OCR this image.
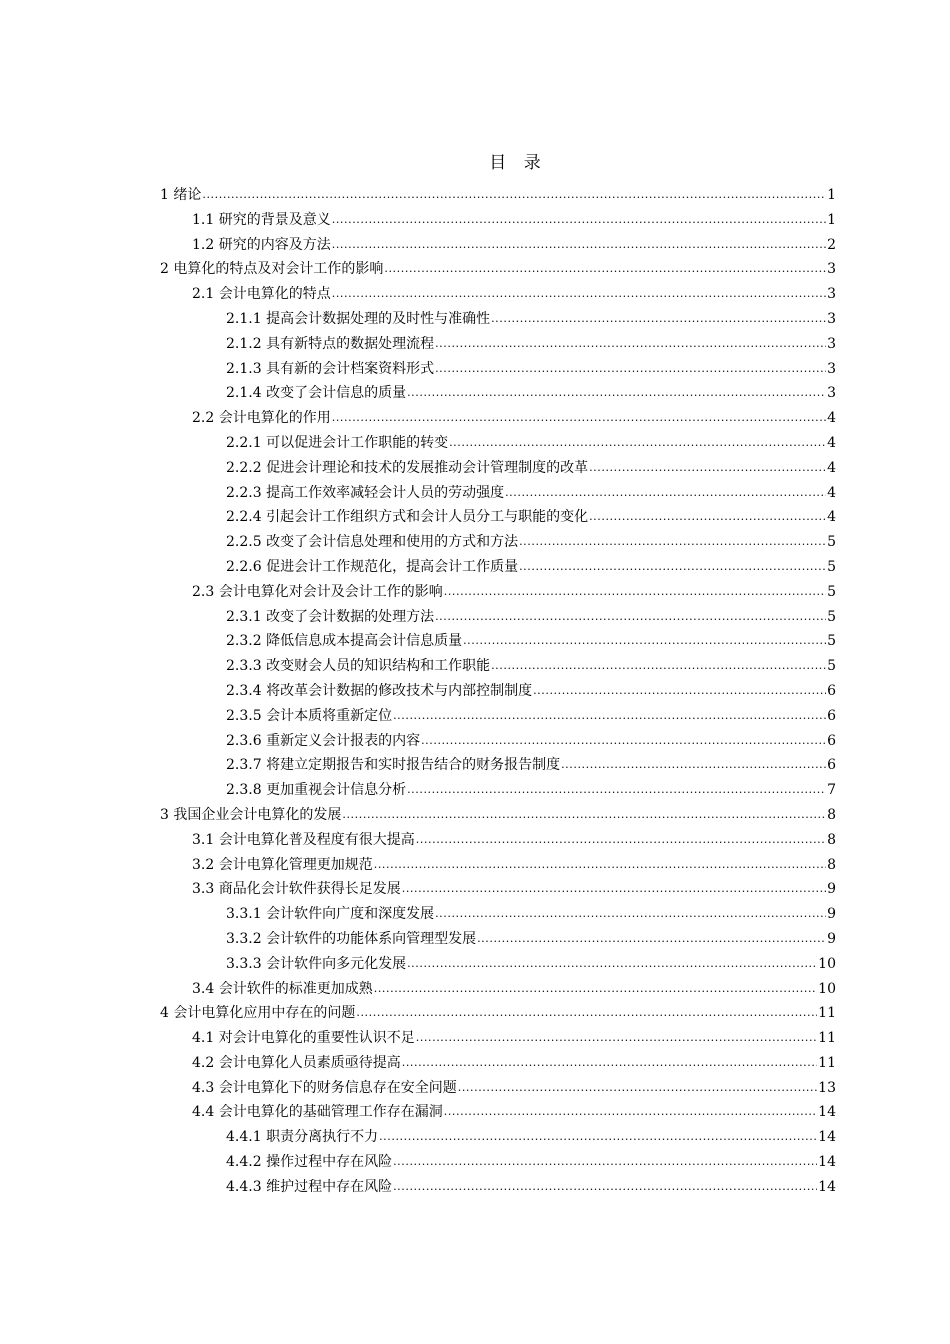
目 录
1 绪论 .....	1
1.1 研究的背景及意义 .....	1
1.2 研究的内容及方法 .....	2
2 电算化的特点及对会计工作的影响 .....	3
2.1 会计电算化的特点 .....	3
2.1.1 提高会计数据处理的及时性与准确性 .....	3
2.1.2 具有新特点的数据处理流程 .....	3
2.1.3 具有新的会计档案资料形式 .....	3
2.1.4 改变了会计信息的质量 .....	3
2.2 会计电算化的作用 .....	4
2.2.1 可以促进会计工作职能的转变 .....	4
2.2.2 促进会计理论和技术的发展推动会计管理制度的改革 .....	4
2.2.3 提高工作效率减轻会计人员的劳动强度 .....	4
2.2.4 引起会计工作组织方式和会计人员分工与职能的变化 .....	4
2.2.5 改变了会计信息处理和使用的方式和方法 .....	5
2.2.6 促进会计工作规范化，提高会计工作质量 .....	5
2.3 会计电算化对会计及会计工作的影响 .....	5
2.3.1 改变了会计数据的处理方法 .....	5
2.3.2 降低信息成本提高会计信息质量 .....	5
2.3.3 改变财会人员的知识结构和工作职能 .....	5
2.3.4 将改革会计数据的修改技术与内部控制制度 .....	6
2.3.5 会计本质将重新定位 .....	6
2.3.6 重新定义会计报表的内容 .....	6
2.3.7 将建立定期报告和实时报告结合的财务报告制度 .....	6
2.3.8 更加重视会计信息分析 .....	7
3 我国企业会计电算化的发展 .....	8
3.1 会计电算化普及程度有很大提高 .....	8
3.2 会计电算化管理更加规范 .....	8
3.3 商品化会计软件获得长足发展 .....	9
3.3.1 会计软件向广度和深度发展 .....	9
3.3.2 会计软件的功能体系向管理型发展 .....	9
3.3.3 会计软件向多元化发展 .....	10
3.4 会计软件的标准更加成熟 .....	10
4 会计电算化应用中存在的问题 .....	11
4.1 对会计电算化的重要性认识不足 .....	11
4.2 会计电算化人员素质亟待提高 .....	11
4.3 会计电算化下的财务信息存在安全问题 .....	13
4.4 会计电算化的基础管理工作存在漏洞 .....	14
4.4.1 职责分离执行不力 .....	14
4.4.2 操作过程中存在风险 .....	14
4.4.3 维护过程中存在风险 .....	14
